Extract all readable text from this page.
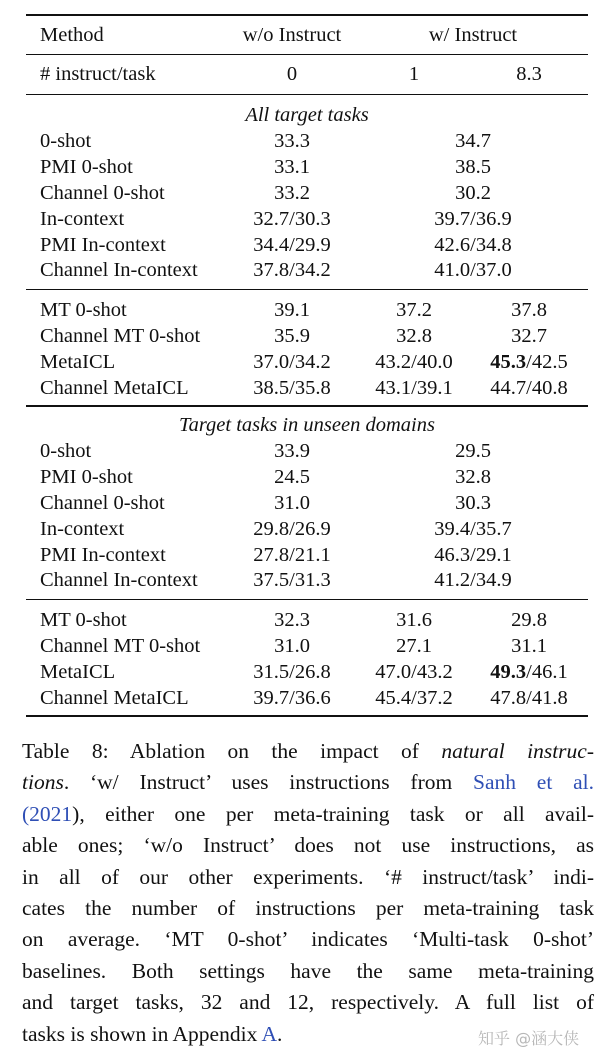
Method	w/o Instruct	w/ Instruct
# instruct/task	0	1	8.3
All target tasks
0-shot	33.3	34.7
PMI 0-shot	33.1	38.5
Channel 0-shot	33.2	30.2
In-context	32.7/30.3	39.7/36.9
PMI In-context	34.4/29.9	42.6/34.8
Channel In-context	37.8/34.2	41.0/37.0
MT 0-shot	39.1	37.2	37.8
Channel MT 0-shot	35.9	32.8	32.7
MetaICL	37.0/34.2	43.2/40.0	45.3/42.5
Channel MetaICL	38.5/35.8	43.1/39.1	44.7/40.8
Target tasks in unseen domains
0-shot	33.9	29.5
PMI 0-shot	24.5	32.8
Channel 0-shot	31.0	30.3
In-context	29.8/26.9	39.4/35.7
PMI In-context	27.8/21.1	46.3/29.1
Channel In-context	37.5/31.3	41.2/34.9
MT 0-shot	32.3	31.6	29.8
Channel MT 0-shot	31.0	27.1	31.1
MetaICL	31.5/26.8	47.0/43.2	49.3/46.1
Channel MetaICL	39.7/36.6	45.4/37.2	47.8/41.8
Table 8: Ablation on the impact of natural instruc-
tions. ‘w/ Instruct’ uses instructions from Sanh et al.
(2021), either one per meta-training task or all avail-
able ones; ‘w/o Instruct’ does not use instructions, as
in all of our other experiments. ‘# instruct/task’ indi-
cates the number of instructions per meta-training task
on average. ‘MT 0-shot’ indicates ‘Multi-task 0-shot’
baselines. Both settings have the same meta-training
and target tasks, 32 and 12, respectively. A full list of
tasks is shown in Appendix A.	知乎 @涵大侠
